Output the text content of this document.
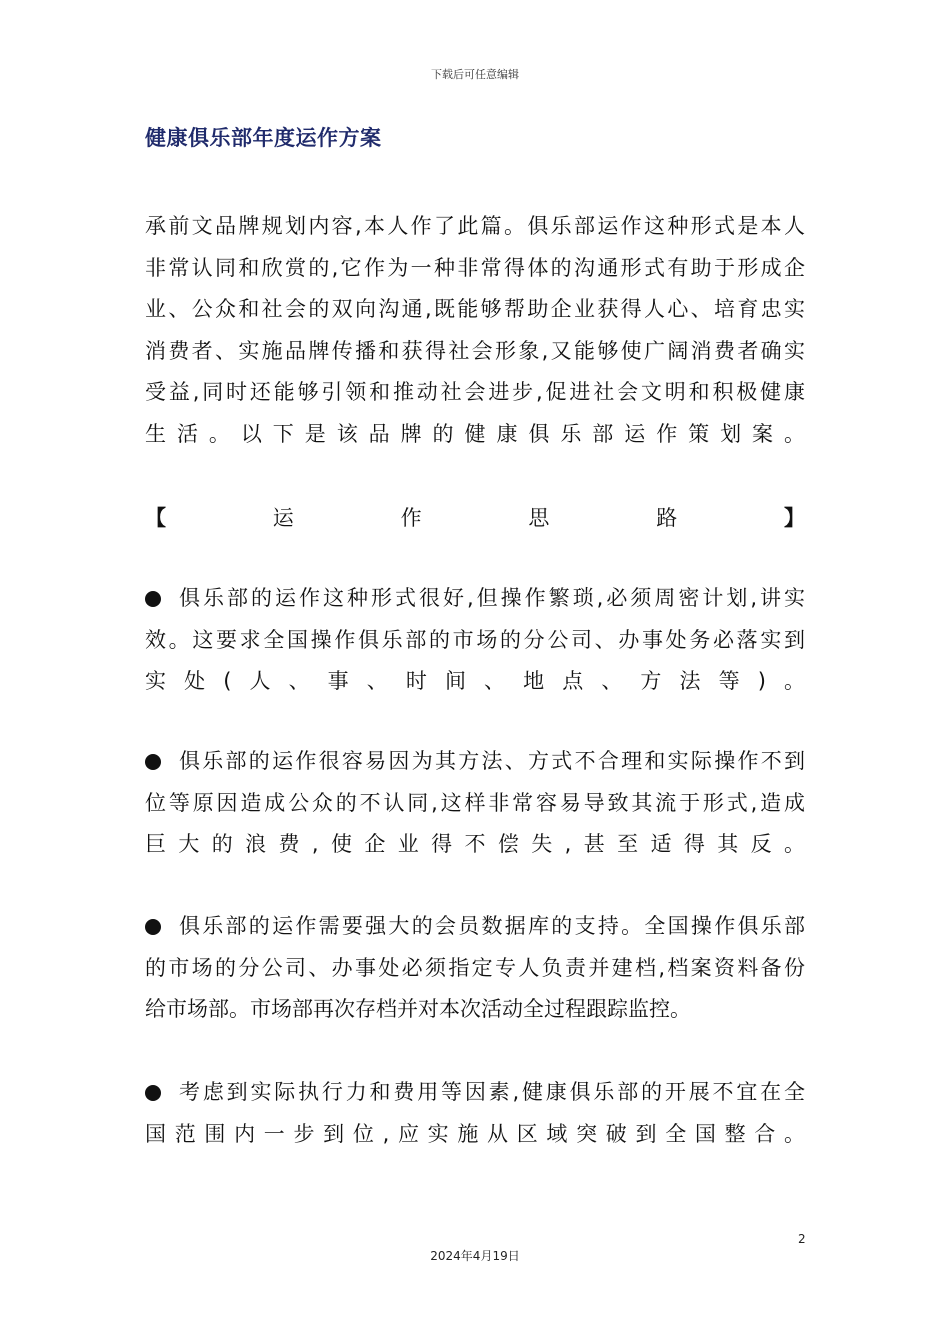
下载后可任意编辑
健康俱乐部年度运作方案
承前文品牌规划内容,本人作了此篇。俱乐部运作这种形式是本人
非常认同和欣赏的,它作为一种非常得体的沟通形式有助于形成企
业、公众和社会的双向沟通,既能够帮助企业获得人心、培育忠实
消费者、实施品牌传播和获得社会形象,又能够使广阔消费者确实
受益,同时还能够引领和推动社会进步,促进社会文明和积极健康
生活。以下是该品牌的健康俱乐部运作策划案。
【	运	作	思	路	】
俱乐部的运作这种形式很好,但操作繁琐,必须周密计划,讲实
效。这要求全国操作俱乐部的市场的分公司、办事处务必落实到
实处(人、事、时间、地点、方法等)。
俱乐部的运作很容易因为其方法、方式不合理和实际操作不到
位等原因造成公众的不认同,这样非常容易导致其流于形式,造成
巨大的浪费,使企业得不偿失,甚至适得其反。
俱乐部的运作需要强大的会员数据库的支持。全国操作俱乐部
的市场的分公司、办事处必须指定专人负责并建档,档案资料备份
给市场部。市场部再次存档并对本次活动全过程跟踪监控。
考虑到实际执行力和费用等因素,健康俱乐部的开展不宜在全
国范围内一步到位,应实施从区域突破到全国整合。
2
2024年4月19日
